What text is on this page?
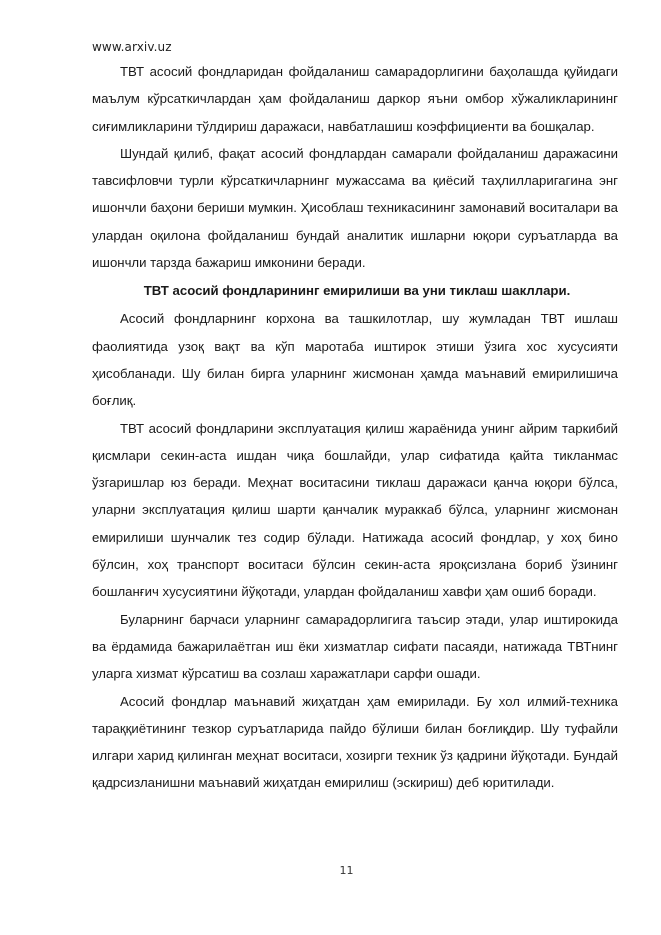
www.arxiv.uz

ТВТ асосий фондларидан фойдаланиш самарадорлигини баҳолашда қуйидаги маълум кўрсаткичлардан ҳам фойдаланиш даркор яъни омбор хўжаликларининг сиғимликларини тўлдириш даражаси, навбатлашиш коэффициенти ва бошқалар.

Шундай қилиб, фақат асосий фондлардан самарали фойдаланиш даражасини тавсифловчи турли кўрсаткичларнинг мужассама ва қиёсий таҳлилларигагина энг ишончли баҳони бериши мумкин. Ҳисоблаш техникасининг замонавий воситалари ва улардан оқилона фойдаланиш бундай аналитик ишларни юқори суръатларда ва ишончли тарзда бажариш имконини беради.

ТВТ асосий фондларининг емирилиши ва уни тиклаш шакллари.

Асосий фондларнинг корхона ва ташкилотлар, шу жумладан ТВТ ишлаш фаолиятида узоқ вақт ва кўп маротаба иштирок этиши ўзига хос хусусияти ҳисобланади. Шу билан бирга уларнинг жисмонан ҳамда маънавий емирилишича боғлиқ.

ТВТ асосий фондларини эксплуатация қилиш жараёнида унинг айрим таркибий қисмлари секин-аста ишдан чиқа бошлайди, улар сифатида қайта тикланмас ўзгаришлар юз беради. Меҳнат воситасини тиклаш даражаси қанча юқори бўлса, уларни эксплуатация қилиш шарти қанчалик мураккаб бўлса, уларнинг жисмонан емирилиши шунчалик тез содир бўлади. Натижада асосий фондлар, у хоҳ бино бўлсин, хоҳ транспорт воситаси бўлсин секин-аста яроқсизлана бориб ўзининг бошланғич хусусиятини йўқотади, улардан фойдаланиш хавфи ҳам ошиб боради.

Буларнинг барчаси уларнинг самарадорлигига таъсир этади, улар иштирокида ва ёрдамида бажарилаётган иш ёки хизматлар сифати пасаяди, натижада ТВТнинг уларга хизмат кўрсатиш ва созлаш харажатлари сарфи ошади.

Асосий фондлар маънавий жиҳатдан ҳам емирилади. Бу хол илмий-техника тараққиётининг тезкор суръатларида пайдо бўлиши билан боғлиқдир. Шу туфайли илгари харид қилинган меҳнат воситаси, хозирги техник ўз қадрини йўқотади. Бундай қадрсизланишни маънавий жиҳатдан емирилиш (эскириш) деб юритилади.

11
